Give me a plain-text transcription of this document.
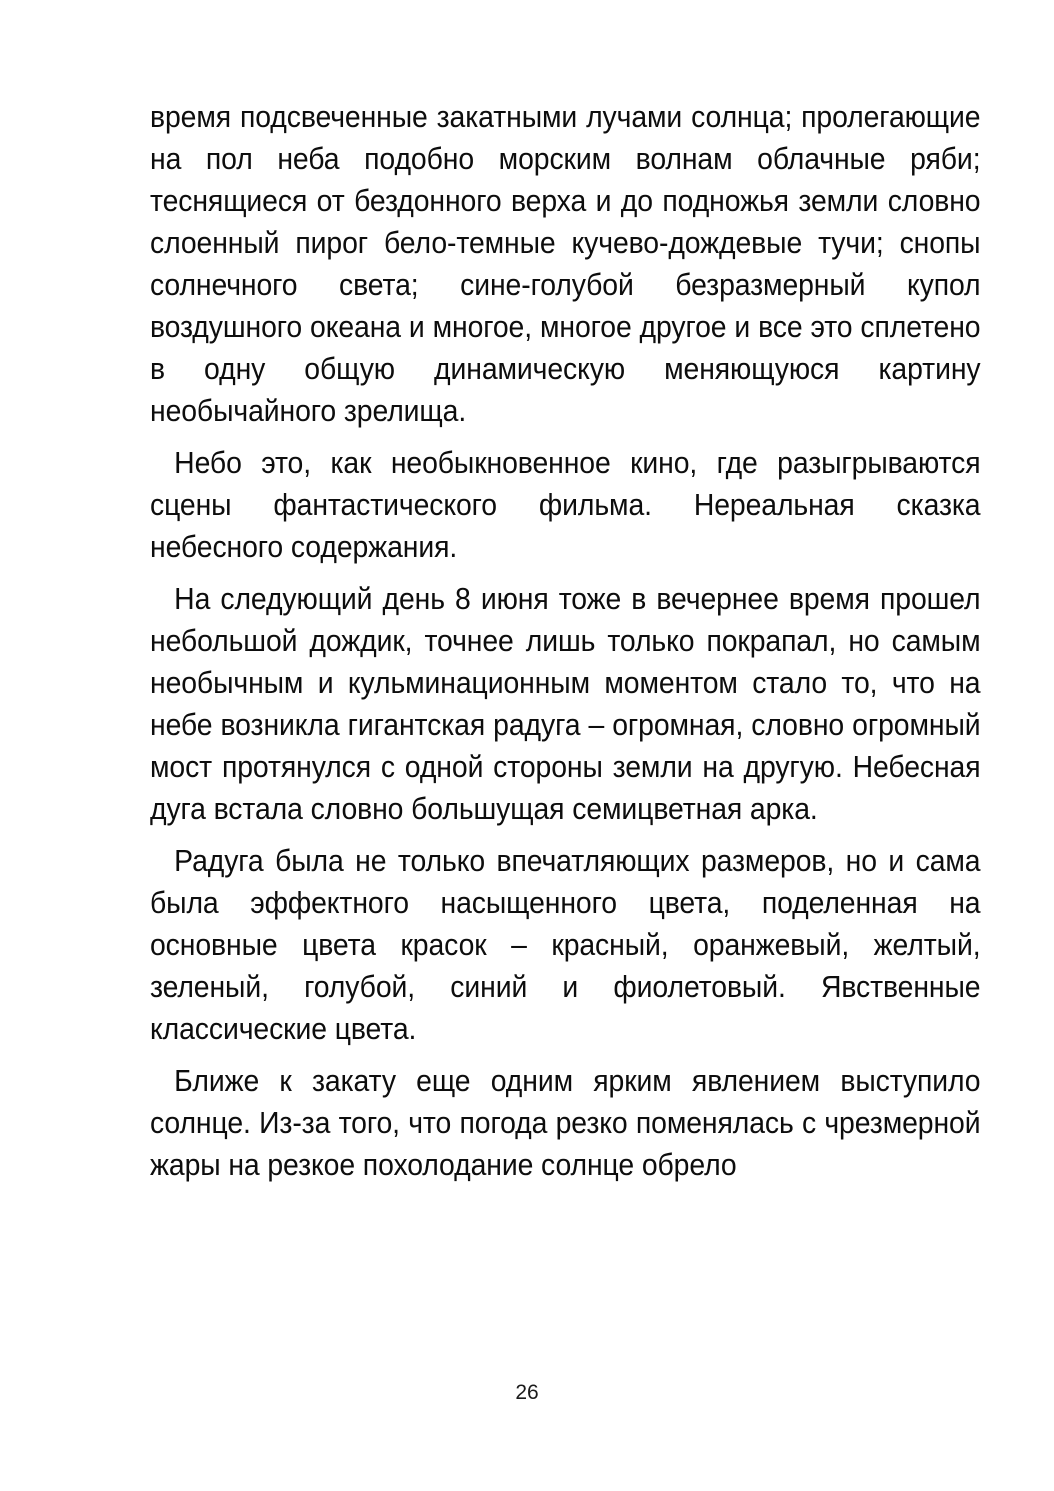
время подсвеченные закатными лучами солнца; пролегающие на пол неба подобно морским волнам облачные ряби; теснящиеся от бездонного верха и до подножья земли словно слоенный пирог бело-темные кучево-дождевые тучи; снопы солнечного света; сине-голубой безразмерный купол воздушного океана и многое, многое другое и все это сплетено в одну общую динамическую меняющуюся картину необычайного зрелища.

Небо это, как необыкновенное кино, где разыгрываются сцены фантастического фильма. Нереальная сказка небесного содержания.

На следующий день 8 июня тоже в вечернее время прошел небольшой дождик, точнее лишь только покрапал, но самым необычным и кульминационным моментом стало то, что на небе возникла гигантская радуга – огромная, словно огромный мост протянулся с одной стороны земли на другую. Небесная дуга встала словно большущая семицветная арка.

Радуга была не только впечатляющих размеров, но и сама была эффектного насыщенного цвета, поделенная на основные цвета красок – красный, оранжевый, желтый, зеленый, голубой, синий и фиолетовый. Явственные классические цвета.

Ближе к закату еще одним ярким явлением выступило солнце. Из-за того, что погода резко поменялась с чрезмерной жары на резкое похолодание солнце обрело

26
